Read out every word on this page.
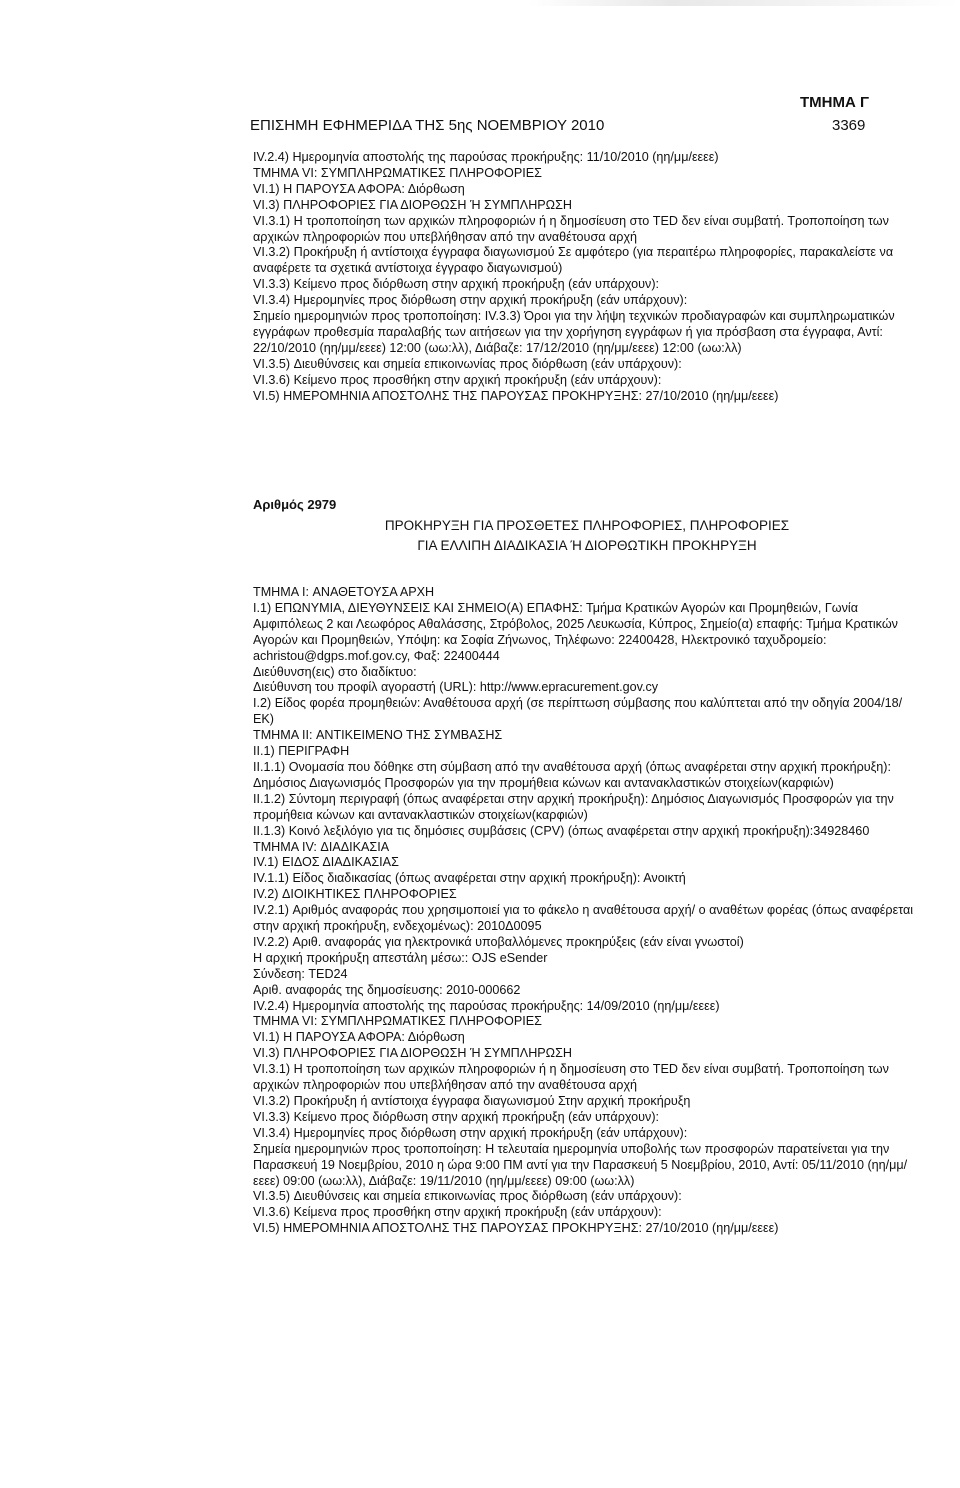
ΤΜΗΜΑ Γ
ΕΠΙΣΗΜΗ ΕΦΗΜΕΡΙΔΑ ΤΗΣ 5ης ΝΟΕΜΒΡΙΟΥ 2010	3369

IV.2.4) Ημερομηνία αποστολής της παρούσας προκήρυξης: 11/10/2010 (ηη/μμ/εεεε)

ΤΜΗΜΑ VI: ΣΥΜΠΛΗΡΩΜΑΤΙΚΕΣ ΠΛΗΡΟΦΟΡΙΕΣ

VI.1) Η ΠΑΡΟΥΣΑ ΑΦΟΡΑ: Διόρθωση

VI.3) ΠΛΗΡΟΦΟΡΙΕΣ ΓΙΑ ΔΙΟΡΘΩΣΗ Ή ΣΥΜΠΛΗΡΩΣΗ

VI.3.1) Η τροποποίηση των αρχικών πληροφοριών ή η δημοσίευση στο TED δεν είναι συμβατή. Τροποποίηση των αρχικών πληροφοριών που υπεβλήθησαν από την αναθέτουσα αρχή

VI.3.2) Προκήρυξη ή αντίστοιχα έγγραφα διαγωνισμού Σε αμφότερο (για περαιτέρω πληροφορίες, παρακαλείστε να αναφέρετε τα σχετικά αντίστοιχα έγγραφο διαγωνισμού)

VI.3.3) Κείμενο προς διόρθωση στην αρχική προκήρυξη (εάν υπάρχουν):

VI.3.4) Ημερομηνίες προς διόρθωση στην αρχική προκήρυξη (εάν υπάρχουν):

Σημείο ημερομηνιών προς τροποποίηση: IV.3.3) Όροι για την λήψη τεχνικών προδιαγραφών και συμπληρωματικών εγγράφων προθεσμία παραλαβής των αιτήσεων για την χορήγηση εγγράφων ή για πρόσβαση στα έγγραφα, Αντί: 22/10/2010 (ηη/μμ/εεεε) 12:00 (ωω:λλ), Διάβαζε: 17/12/2010 (ηη/μμ/εεεε) 12:00 (ωω:λλ)

VI.3.5) Διευθύνσεις και σημεία επικοινωνίας προς διόρθωση (εάν υπάρχουν):

VI.3.6) Κείμενο προς προσθήκη στην αρχική προκήρυξη (εάν υπάρχουν):

VI.5) ΗΜΕΡΟΜΗΝΙΑ ΑΠΟΣΤΟΛΗΣ ΤΗΣ ΠΑΡΟΥΣΑΣ ΠΡΟΚΗΡΥΞΗΣ: 27/10/2010 (ηη/μμ/εεεε)

Αριθμός 2979
ΠΡΟΚΗΡΥΞΗ ΓΙΑ ΠΡΟΣΘΕΤΕΣ ΠΛΗΡΟΦΟΡΙΕΣ, ΠΛΗΡΟΦΟΡΙΕΣ
ΓΙΑ ΕΛΛΙΠΗ ΔΙΑΔΙΚΑΣΙΑ Ή ΔΙΟΡΘΩΤΙΚΗ ΠΡΟΚΗΡΥΞΗ

ΤΜΗΜΑ I: ΑΝΑΘΕΤΟΥΣΑ ΑΡΧΗ

I.1) ΕΠΩΝΥΜΙΑ, ΔΙΕΥΘΥΝΣΕΙΣ ΚΑΙ ΣΗΜΕΙΟ(Α) ΕΠΑΦΗΣ: Τμήμα Κρατικών Αγορών και Προμηθειών, Γωνία Αμφιπόλεως 2 και Λεωφόρος Αθαλάσσης, Στρόβολος, 2025 Λευκωσία, Κύπρος, Σημείο(α) επαφής: Τμήμα Κρατικών Αγορών και Προμηθειών, Υπόψη: κα Σοφία Ζήνωνος, Τηλέφωνο: 22400428, Ηλεκτρονικό ταχυδρομείο: achristou@dgps.mof.gov.cy, Φαξ: 22400444

Διεύθυνση(εις) στο διαδίκτυο:

Διεύθυνση του προφίλ αγοραστή (URL): http://www.epracurement.gov.cy

I.2) Είδος φορέα προμηθειών: Αναθέτουσα αρχή (σε περίπτωση σύμβασης που καλύπτεται από την οδηγία 2004/18/ΕΚ)

ΤΜΗΜΑ II: ΑΝΤΙΚΕΙΜΕΝΟ ΤΗΣ ΣΥΜΒΑΣΗΣ

II.1) ΠΕΡΙΓΡΑΦΗ

II.1.1) Ονομασία που δόθηκε στη σύμβαση από την αναθέτουσα αρχή (όπως αναφέρεται στην αρχική προκήρυξη): Δημόσιος Διαγωνισμός Προσφορών για την προμήθεια κώνων και αντανακλαστικών στοιχείων(καρφιών)

II.1.2) Σύντομη περιγραφή (όπως αναφέρεται στην αρχική προκήρυξη): Δημόσιος Διαγωνισμός Προσφορών για την προμήθεια κώνων και αντανακλαστικών στοιχείων(καρφιών)

II.1.3) Κοινό λεξιλόγιο για τις δημόσιες συμβάσεις (CPV) (όπως αναφέρεται στην αρχική προκήρυξη):34928460

ΤΜΗΜΑ IV: ΔΙΑΔΙΚΑΣΙΑ

IV.1) ΕΙΔΟΣ ΔΙΑΔΙΚΑΣΙΑΣ

IV.1.1) Είδος διαδικασίας (όπως αναφέρεται στην αρχική προκήρυξη): Ανοικτή

IV.2) ΔΙΟΙΚΗΤΙΚΕΣ ΠΛΗΡΟΦΟΡΙΕΣ

IV.2.1) Αριθμός αναφοράς που χρησιμοποιεί για το φάκελο η αναθέτουσα αρχή/ ο αναθέτων φορέας (όπως αναφέρεται στην αρχική προκήρυξη, ενδεχομένως): 2010Δ0095

IV.2.2) Αριθ. αναφοράς για ηλεκτρονικά υποβαλλόμενες προκηρύξεις (εάν είναι γνωστοί)

Η αρχική προκήρυξη απεστάλη μέσω:: OJS eSender

Σύνδεση: TED24

Αριθ. αναφοράς της δημοσίευσης: 2010-000662

IV.2.4) Ημερομηνία αποστολής της παρούσας προκήρυξης: 14/09/2010 (ηη/μμ/εεεε)

ΤΜΗΜΑ VI: ΣΥΜΠΛΗΡΩΜΑΤΙΚΕΣ ΠΛΗΡΟΦΟΡΙΕΣ

VI.1) Η ΠΑΡΟΥΣΑ ΑΦΟΡΑ: Διόρθωση

VI.3) ΠΛΗΡΟΦΟΡΙΕΣ ΓΙΑ ΔΙΟΡΘΩΣΗ Ή ΣΥΜΠΛΗΡΩΣΗ

VI.3.1) Η τροποποίηση των αρχικών πληροφοριών ή η δημοσίευση στο TED δεν είναι συμβατή. Τροποποίηση των αρχικών πληροφοριών που υπεβλήθησαν από την αναθέτουσα αρχή

VI.3.2) Προκήρυξη ή αντίστοιχα έγγραφα διαγωνισμού Στην αρχική προκήρυξη

VI.3.3) Κείμενο προς διόρθωση στην αρχική προκήρυξη (εάν υπάρχουν):

VI.3.4) Ημερομηνίες προς διόρθωση στην αρχική προκήρυξη (εάν υπάρχουν):

Σημεία ημερομηνιών προς τροποποίηση: Η τελευταία ημερομηνία υποβολής των προσφορών παρατείνεται για την Παρασκευή 19 Νοεμβρίου, 2010 η ώρα 9:00 ΠΜ αντί για την Παρασκευή 5 Νοεμβρίου, 2010, Αντί: 05/11/2010 (ηη/μμ/εεεε) 09:00 (ωω:λλ), Διάβαζε: 19/11/2010 (ηη/μμ/εεεε) 09:00 (ωω:λλ)

VI.3.5) Διευθύνσεις και σημεία επικοινωνίας προς διόρθωση (εάν υπάρχουν):

VI.3.6) Κείμενα προς προσθήκη στην αρχική προκήρυξη (εάν υπάρχουν):

VI.5) ΗΜΕΡΟΜΗΝΙΑ ΑΠΟΣΤΟΛΗΣ ΤΗΣ ΠΑΡΟΥΣΑΣ ΠΡΟΚΗΡΥΞΗΣ: 27/10/2010 (ηη/μμ/εεεε)
